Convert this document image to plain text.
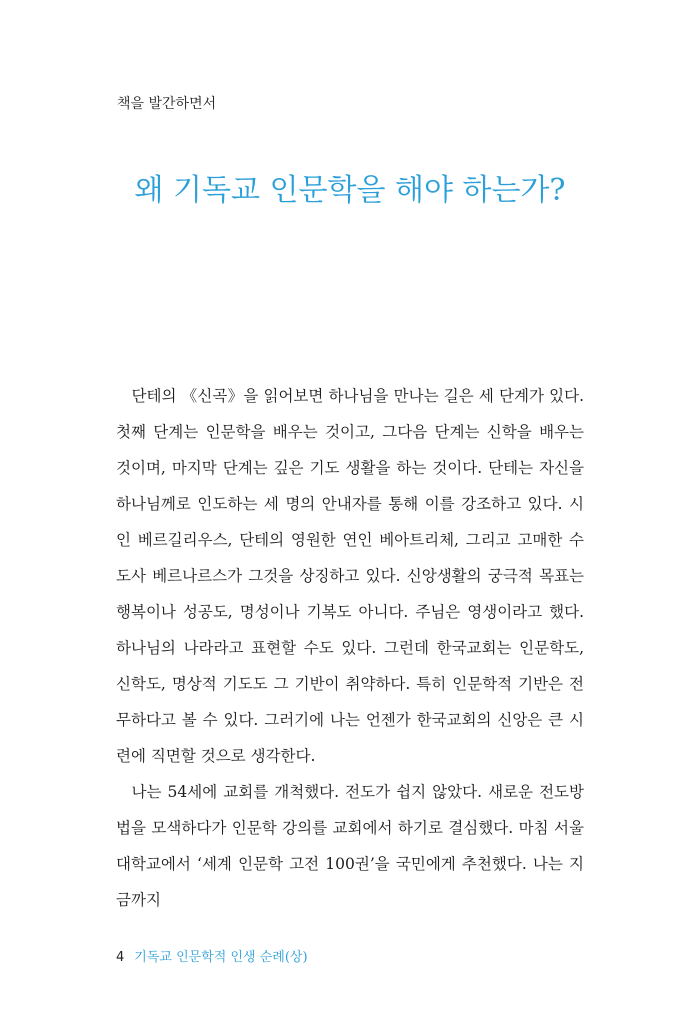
책을 발간하면서
왜 기독교 인문학을 해야 하는가?

단테의 《신곡》을 읽어보면 하나님을 만나는 길은 세 단계가 있다. 첫째 단계는 인문학을 배우는 것이고, 그다음 단계는 신학을 배우는 것이며, 마지막 단계는 깊은 기도 생활을 하는 것이다. 단테는 자신을 하나님께로 인도하는 세 명의 안내자를 통해 이를 강조하고 있다. 시인 베르길리우스, 단테의 영원한 연인 베아트리체, 그리고 고매한 수도사 베르나르스가 그것을 상징하고 있다. 신앙생활의 궁극적 목표는 행복이나 성공도, 명성이나 기복도 아니다. 주님은 영생이라고 했다. 하나님의 나라라고 표현할 수도 있다. 그런데 한국교회는 인문학도, 신학도, 명상적 기도도 그 기반이 취약하다. 특히 인문학적 기반은 전무하다고 볼 수 있다. 그러기에 나는 언젠가 한국교회의 신앙은 큰 시련에 직면할 것으로 생각한다.

나는 54세에 교회를 개척했다. 전도가 쉽지 않았다. 새로운 전도방법을 모색하다가 인문학 강의를 교회에서 하기로 결심했다. 마침 서울대학교에서 ‘세계 인문학 고전 100권’을 국민에게 추천했다. 나는 지금까지

4 기독교 인문학적 인생 순례(상)
